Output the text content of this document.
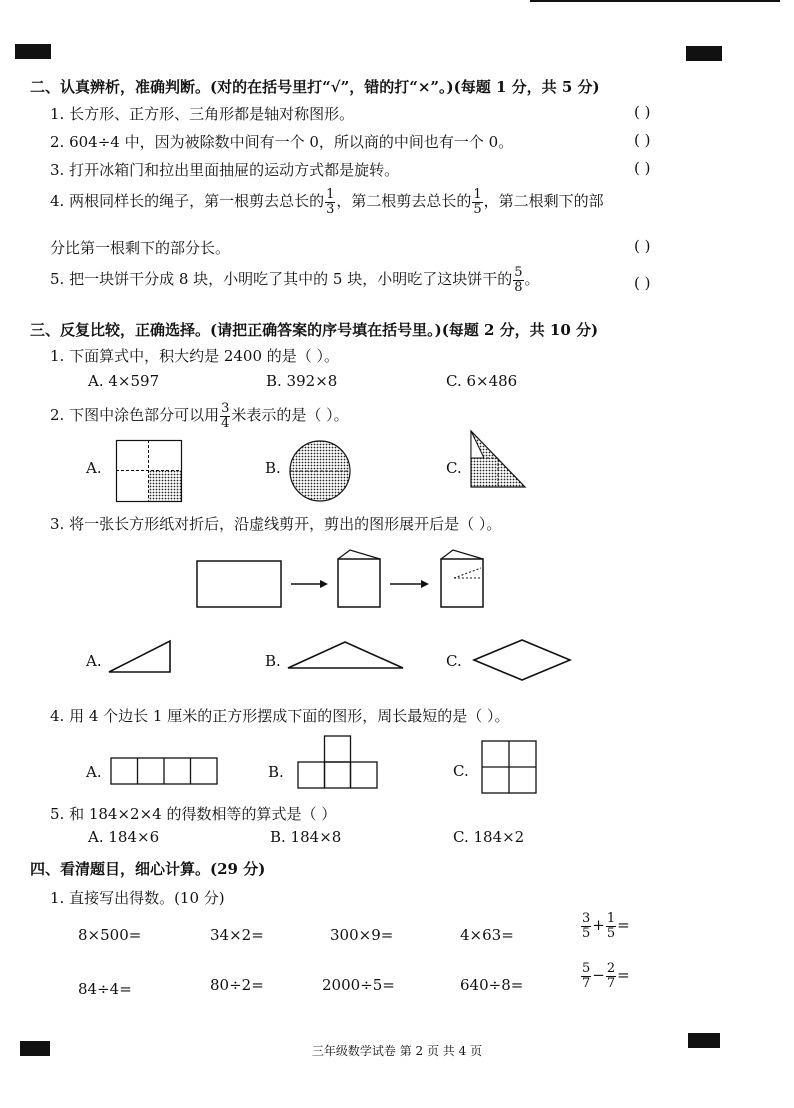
二、认真辨析，准确判断。(对的在括号里打“√”，错的打“×”。)(每题 1 分，共 5 分)
1. 长方形、正方形、三角形都是轴对称图形。	( )
2. 604÷4 中，因为被除数中间有一个 0，所以商的中间也有一个 0。	( )
3. 打开冰箱门和拉出里面抽屉的运动方式都是旋转。	( )
4. 两根同样长的绳子，第一根剪去总长的 $\frac{1}{3}$ ，第二根剪去总长的 $\frac{1}{5}$ ，第二根剩下的部
分比第一根剩下的部分长。	( )
5. 把一块饼干分成 8 块，小明吃了其中的 5 块，小明吃了这块饼干的 $\frac{5}{8}$ 。	( )
三、反复比较，正确选择。(请把正确答案的序号填在括号里。)(每题 2 分，共 10 分)
1. 下面算式中，积大约是 2400 的是（ ）。
A. 4×597	B. 392×8	C. 6×486
2. 下图中涂色部分可以用 $\frac{3}{4}$ 米表示的是（ ）。
A.	B.	C.
3. 将一张长方形纸对折后，沿虚线剪开，剪出的图形展开后是（ ）。
A.	B.	C.
4. 用 4 个边长 1 厘米的正方形摆成下面的图形，周长最短的是（ ）。
A.	B.	C.
5. 和 184×2×4 的得数相等的算式是（ ）
A. 184×6	B. 184×8	C. 184×2
四、看清题目，细心计算。(29 分)
1. 直接写出得数。(10 分)
8×500=	34×2=	300×9=	4×63=	$\frac{3}{5} + \frac{1}{5}$ =
84÷4=	80÷2=	2000÷5=	640÷8=	$\frac{5}{7} - \frac{2}{7}$ =
三年级数学试卷 第 2 页 共 4 页
